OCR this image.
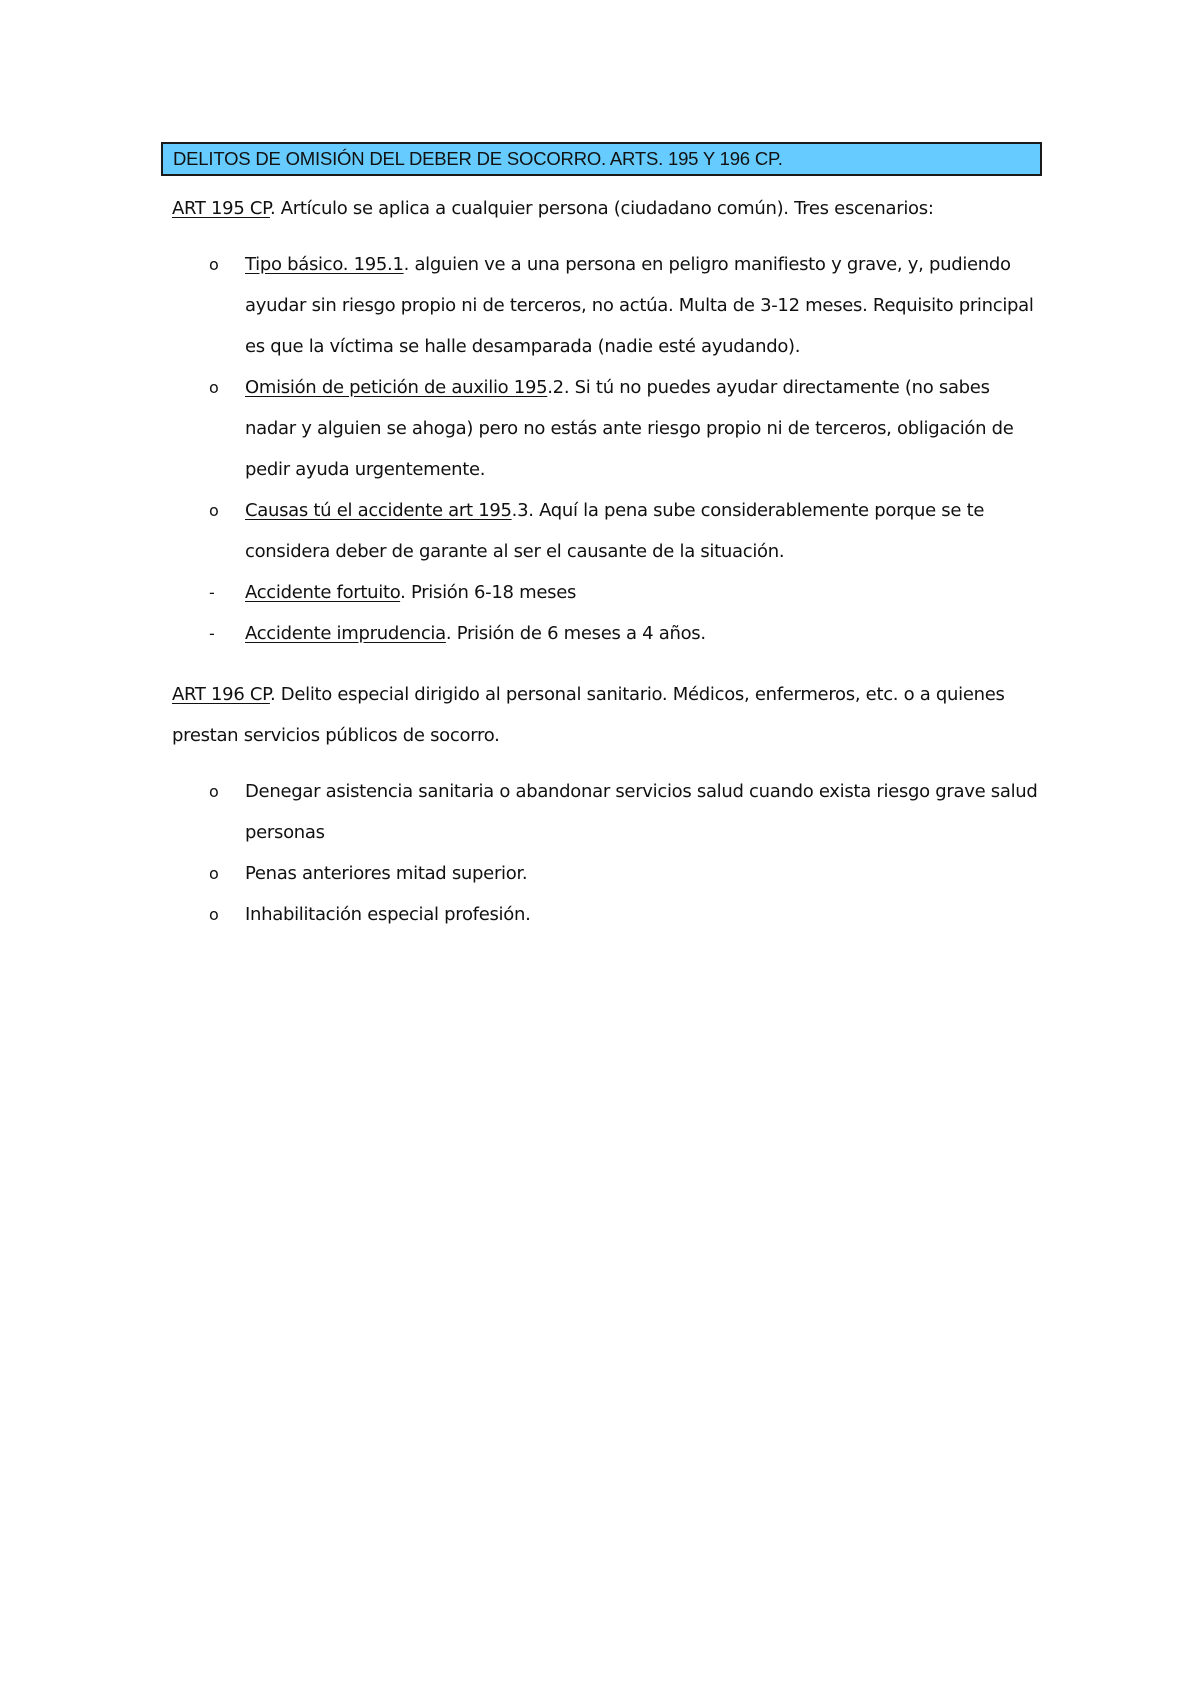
DELITOS DE OMISIÓN DEL DEBER DE SOCORRO. ARTS. 195 Y 196 CP.

ART 195 CP. Artículo se aplica a cualquier persona (ciudadano común). Tres escenarios:

o	Tipo básico. 195.1. alguien ve a una persona en peligro manifiesto y grave, y, pudiendo ayudar sin riesgo propio ni de terceros, no actúa. Multa de 3-12 meses. Requisito principal es que la víctima se halle desamparada (nadie esté ayudando).
o	Omisión de petición de auxilio 195.2. Si tú no puedes ayudar directamente (no sabes nadar y alguien se ahoga) pero no estás ante riesgo propio ni de terceros, obligación de pedir ayuda urgentemente.
o	Causas tú el accidente art 195.3. Aquí la pena sube considerablemente porque se te considera deber de garante al ser el causante de la situación.
-	Accidente fortuito. Prisión 6-18 meses
-	Accidente imprudencia. Prisión de 6 meses a 4 años.

ART 196 CP. Delito especial dirigido al personal sanitario. Médicos, enfermeros, etc. o a quienes prestan servicios públicos de socorro.

o	Denegar asistencia sanitaria o abandonar servicios salud cuando exista riesgo grave salud personas
o	Penas anteriores mitad superior.
o	Inhabilitación especial profesión.
